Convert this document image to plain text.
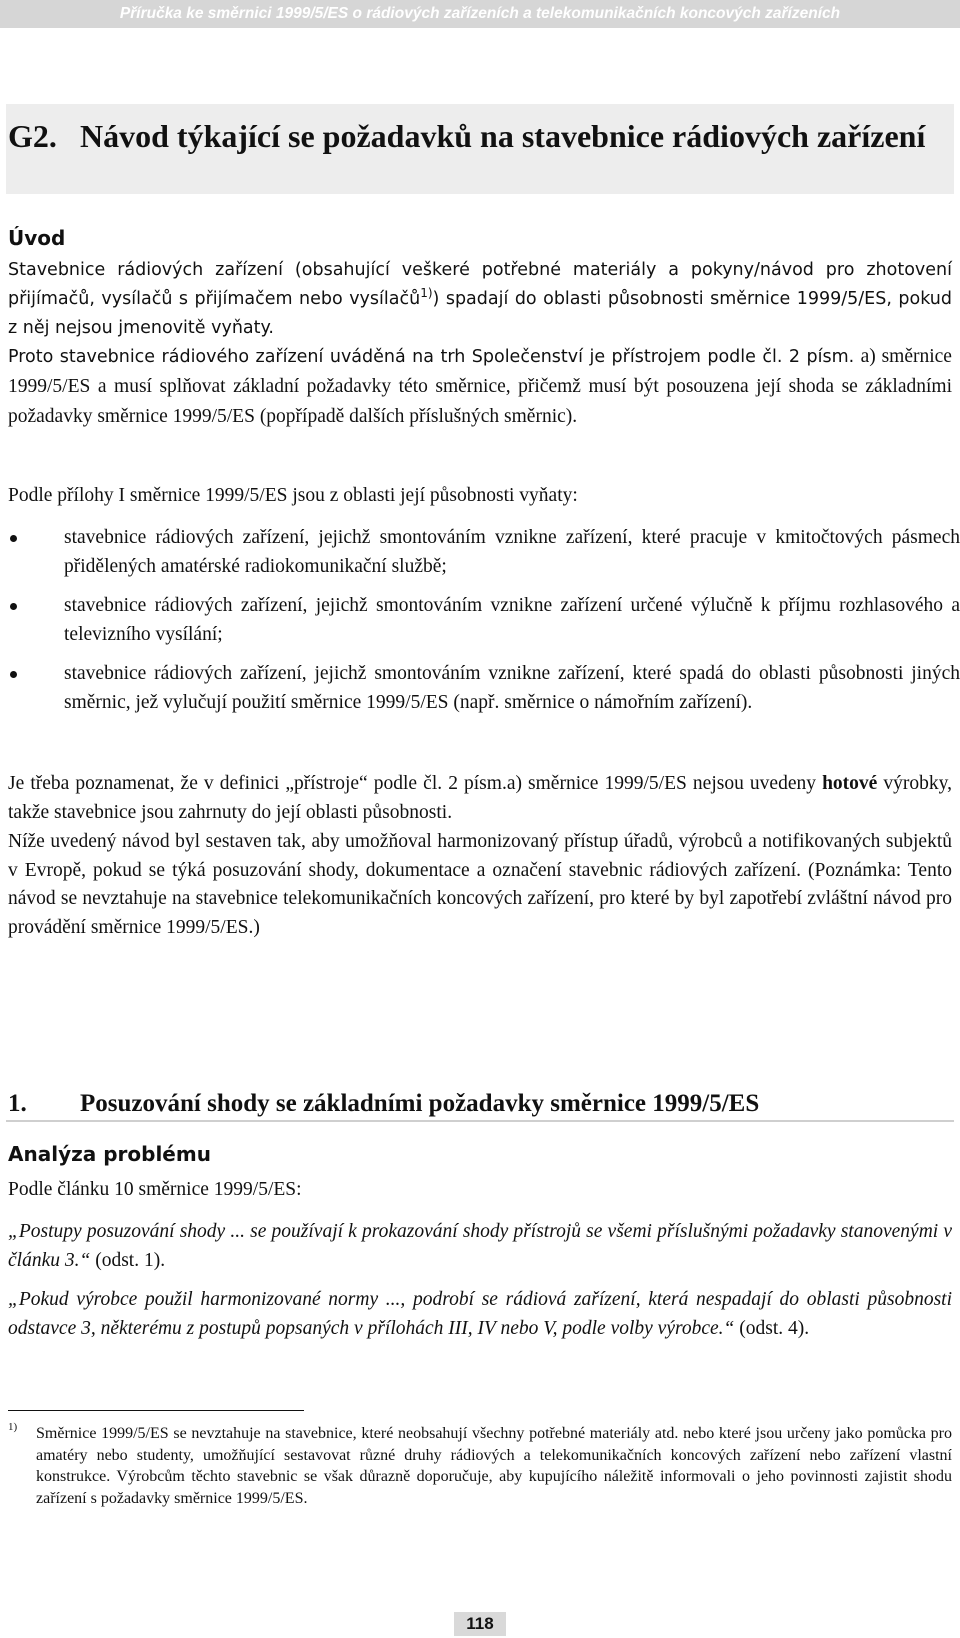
Příručka ke směrnici 1999/5/ES o rádiových zařízeních a telekomunikačních koncových zařízeních
G2. Návod týkající se požadavků na stavebnice rádiových zařízení
Úvod
Stavebnice rádiových zařízení (obsahující veškeré potřebné materiály a pokyny/návod pro zhotovení přijímačů, vysílačů s přijímačem nebo vysílačů$^{1)}$) spadají do oblasti působnosti směrnice 1999/5/ES, pokud z něj nejsou jmenovitě vyňaty.
Proto stavebnice rádiového zařízení uváděná na trh Společenství je přístrojem podle čl. 2 písm. a) směrnice 1999/5/ES a musí splňovat základní požadavky této směrnice, přičemž musí být posouzena její shoda se základními požadavky směrnice 1999/5/ES (popřípadě dalších příslušných směrnic).
Podle přílohy I směrnice 1999/5/ES jsou z oblasti její působnosti vyňaty:
stavebnice rádiových zařízení, jejichž smontováním vznikne zařízení, které pracuje v kmitočtových pásmech přidělených amatérské radiokomunikační službě;
stavebnice rádiových zařízení, jejichž smontováním vznikne zařízení určené výlučně k příjmu rozhlasového a televizního vysílání;
stavebnice rádiových zařízení, jejichž smontováním vznikne zařízení, které spadá do oblasti působnosti jiných směrnic, jež vylučují použití směrnice 1999/5/ES (např. směrnice o námořním zařízení).
Je třeba poznamenat, že v definici „přístroje“ podle čl. 2 písm.a) směrnice 1999/5/ES nejsou uvedeny hotové výrobky, takže stavebnice jsou zahrnuty do její oblasti působnosti.
Níže uvedený návod byl sestaven tak, aby umožňoval harmonizovaný přístup úřadů, výrobců a notifikovaných subjektů v Evropě, pokud se týká posuzování shody, dokumentace a označení stavebnic rádiových zařízení. (Poznámka: Tento návod se nevztahuje na stavebnice telekomunikačních koncových zařízení, pro které by byl zapotřebí zvláštní návod pro provádění směrnice 1999/5/ES.)
1. Posuzování shody se základními požadavky směrnice 1999/5/ES
Analýza problému
Podle článku 10 směrnice 1999/5/ES:
„Postupy posuzování shody ... se používají k prokazování shody přístrojů se všemi příslušnými požadavky stanovenými v článku 3.“ (odst. 1).
„Pokud výrobce použil harmonizované normy ..., podrobí se rádiová zařízení, která nespadají do oblasti působnosti odstavce 3, některému z postupů popsaných v přílohách III, IV nebo V, podle volby výrobce.“ (odst. 4).
1) Směrnice 1999/5/ES se nevztahuje na stavebnice, které neobsahují všechny potřebné materiály atd. nebo které jsou určeny jako pomůcka pro amatéry nebo studenty, umožňující sestavovat různé druhy rádiových a telekomunikačních koncových zařízení nebo zařízení vlastní konstrukce. Výrobcům těchto stavebnic se však důrazně doporučuje, aby kupujícího náležitě informovali o jeho povinnosti zajistit shodu zařízení s požadavky směrnice 1999/5/ES.
118
